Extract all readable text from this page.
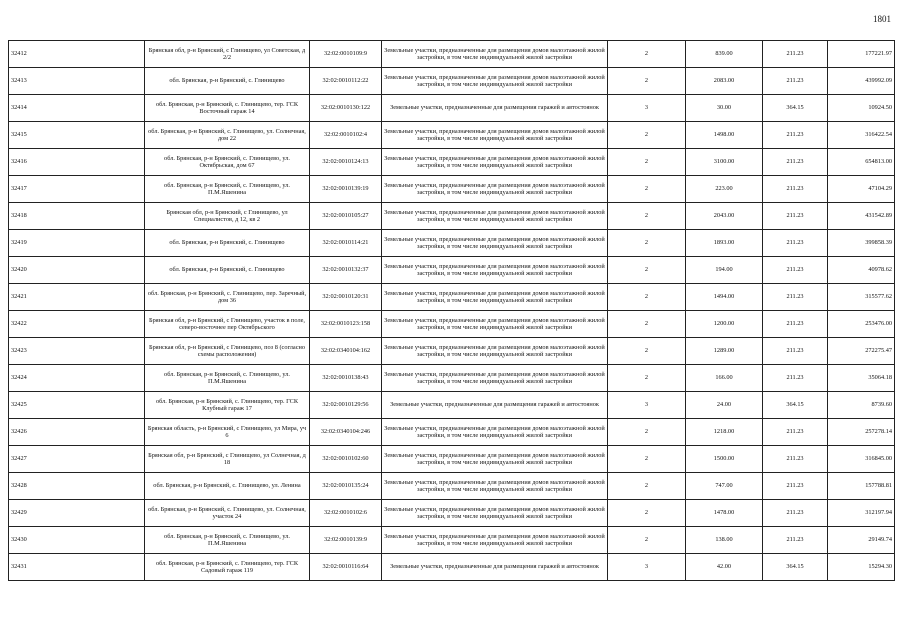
1801
32412	Брянская обл, р-н Брянский, с Глинищево, ул Советская, д 2/2	32:02:0010109:9	Земельные участки, предназначенные для размещения домов малоэтажной жилой застройки, в том числе индивидуальной жилой застройки	2	839.00	211.23	177221.97
32413	обл. Брянская, р-н Брянский, с. Глинищево	32:02:0010112:22	Земельные участки, предназначенные для размещения домов малоэтажной жилой застройки, в том числе индивидуальной жилой застройки	2	2083.00	211.23	439992.09
32414	обл. Брянская, р-н Брянский, с. Глинищево, тер. ГСК Восточный гараж 14	32:02:0010130:122	Земельные участки, предназначенные для размещения гаражей и автостоянок	3	30.00	364.15	10924.50
32415	обл. Брянская, р-н Брянский, с. Глинищево, ул. Солнечная, дом 22	32:02:0010102:4	Земельные участки, предназначенные для размещения домов малоэтажной жилой застройки, в том числе индивидуальной жилой застройки	2	1498.00	211.23	316422.54
32416	обл. Брянская, р-н Брянский, с. Глинищево, ул. Октябрьская, дом 67	32:02:0010124:13	Земельные участки, предназначенные для размещения домов малоэтажной жилой застройки, в том числе индивидуальной жилой застройки	2	3100.00	211.23	654813.00
32417	обл. Брянская, р-н Брянский, с. Глинищево, ул. П.М.Яшенина	32:02:0010139:19	Земельные участки, предназначенные для размещения домов малоэтажной жилой застройки, в том числе индивидуальной жилой застройки	2	223.00	211.23	47104.29
32418	Брянская обл, р-н Брянский, с Глинищево, ул Специалистов, д 12, кв 2	32:02:0010105:27	Земельные участки, предназначенные для размещения домов малоэтажной жилой застройки, в том числе индивидуальной жилой застройки	2	2043.00	211.23	431542.89
32419	обл. Брянская, р-н Брянский, с. Глинищево	32:02:0010114:21	Земельные участки, предназначенные для размещения домов малоэтажной жилой застройки, в том числе индивидуальной жилой застройки	2	1893.00	211.23	399858.39
32420	обл. Брянская, р-н Брянский, с. Глинищево	32:02:0010132:37	Земельные участки, предназначенные для размещения домов малоэтажной жилой застройки, в том числе индивидуальной жилой застройки	2	194.00	211.23	40978.62
32421	обл. Брянская, р-н Брянский, с. Глинищево, пер. Заречный, дом 36	32:02:0010120:31	Земельные участки, предназначенные для размещения домов малоэтажной жилой застройки, в том числе индивидуальной жилой застройки	2	1494.00	211.23	315577.62
32422	Брянская обл, р-н Брянский, с Глинищево, участок в поле, северо-восточнее пер Октябрьского	32:02:0010123:158	Земельные участки, предназначенные для размещения домов малоэтажной жилой застройки, в том числе индивидуальной жилой застройки	2	1200.00	211.23	253476.00
32423	Брянская обл, р-н Брянский, с Глинищево, поз 8 (согласно схемы расположения)	32:02:0340104:162	Земельные участки, предназначенные для размещения домов малоэтажной жилой застройки, в том числе индивидуальной жилой застройки	2	1289.00	211.23	272275.47
32424	обл. Брянская, р-н Брянский, с. Глинищево, ул. П.М.Яшенина	32:02:0010138:43	Земельные участки, предназначенные для размещения домов малоэтажной жилой застройки, в том числе индивидуальной жилой застройки	2	166.00	211.23	35064.18
32425	обл. Брянская, р-н Брянский, с. Глинищево, тер. ГСК Клубный гараж 17	32:02:0010129:56	Земельные участки, предназначенные для размещения гаражей и автостоянок	3	24.00	364.15	8739.60
32426	Брянская область, р-н Брянский, с Глинищево, ул Мира, уч 6	32:02:0340104:246	Земельные участки, предназначенные для размещения домов малоэтажной жилой застройки, в том числе индивидуальной жилой застройки	2	1218.00	211.23	257278.14
32427	Брянская обл, р-н Брянский, с Глинищево, ул Солнечная, д 18	32:02:0010102:60	Земельные участки, предназначенные для размещения домов малоэтажной жилой застройки, в том числе индивидуальной жилой застройки	2	1500.00	211.23	316845.00
32428	обл. Брянская, р-н Брянский, с. Глинищево, ул. Ленина	32:02:0010135:24	Земельные участки, предназначенные для размещения домов малоэтажной жилой застройки, в том числе индивидуальной жилой застройки	2	747.00	211.23	157788.81
32429	обл. Брянская, р-н Брянский, с. Глинищево, ул. Солнечная, участок 24	32:02:0010102:6	Земельные участки, предназначенные для размещения домов малоэтажной жилой застройки, в том числе индивидуальной жилой застройки	2	1478.00	211.23	312197.94
32430	обл. Брянская, р-н Брянский, с. Глинищево, ул. П.М.Яшенина	32:02:0010139:9	Земельные участки, предназначенные для размещения домов малоэтажной жилой застройки, в том числе индивидуальной жилой застройки	2	138.00	211.23	29149.74
32431	обл. Брянская, р-н Брянский, с. Глинищево, тер. ГСК Садовый гараж 119	32:02:0010116:64	Земельные участки, предназначенные для размещения гаражей и автостоянок	3	42.00	364.15	15294.30
